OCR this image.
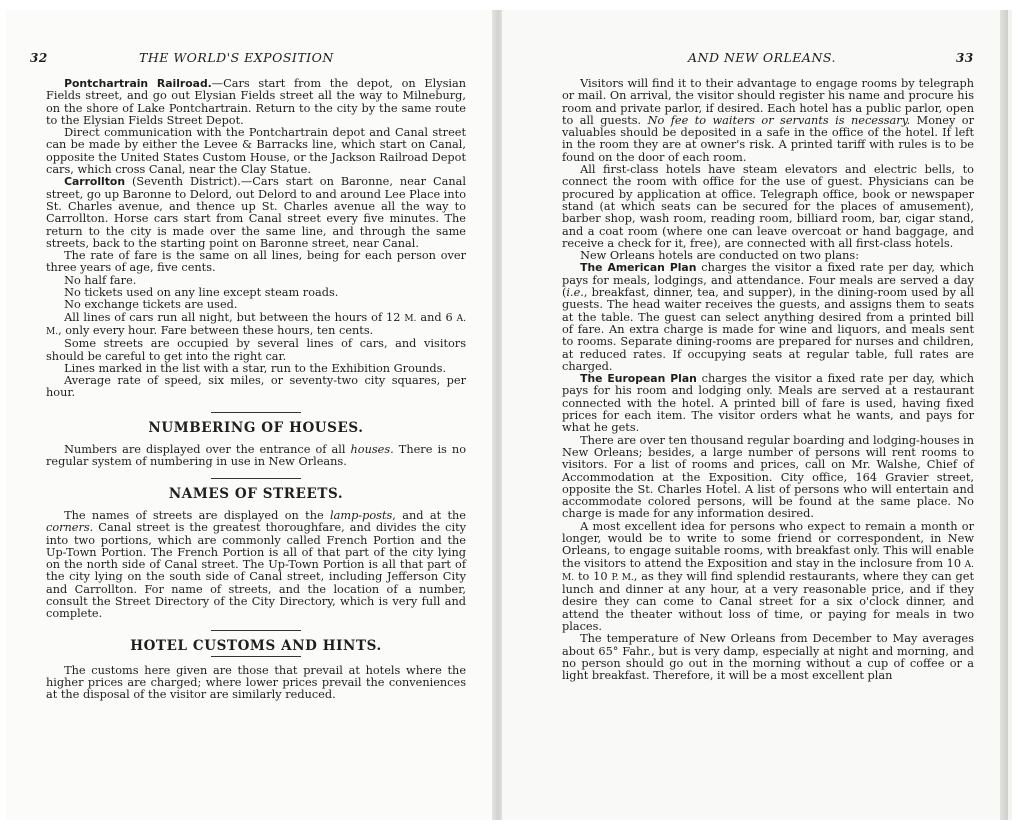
32	THE WORLD'S EXPOSITION

Pontchartrain Railroad.—Cars start from the depot, on Elysian Fields street, and go out Elysian Fields street all the way to Milneburg, on the shore of Lake Pontchartrain. Return to the city by the same route to the Elysian Fields Street Depot.

Direct communication with the Pontchartrain depot and Canal street can be made by either the Levee & Barracks line, which start on Canal, opposite the United States Custom House, or the Jackson Railroad Depot cars, which cross Canal, near the Clay Statue.

Carrollton (Seventh District).—Cars start on Baronne, near Canal street, go up Baronne to Delord, out Delord to and around Lee Place into St. Charles avenue, and thence up St. Charles avenue all the way to Carrollton. Horse cars start from Canal street every five minutes. The return to the city is made over the same line, and through the same streets, back to the starting point on Baronne street, near Canal.

The rate of fare is the same on all lines, being for each person over three years of age, five cents.

No half fare.

No tickets used on any line except steam roads.

No exchange tickets are used.

All lines of cars run all night, but between the hours of 12 M. and 6 A. M., only every hour. Fare between these hours, ten cents.

Some streets are occupied by several lines of cars, and visitors should be careful to get into the right car.

Lines marked in the list with a star, run to the Exhibition Grounds.

Average rate of speed, six miles, or seventy-two city squares, per hour.

NUMBERING OF HOUSES.

Numbers are displayed over the entrance of all houses. There is no regular system of numbering in use in New Orleans.

NAMES OF STREETS.

The names of streets are displayed on the lamp-posts, and at the corners. Canal street is the greatest thoroughfare, and divides the city into two portions, which are commonly called French Portion and the Up-Town Portion. The French Portion is all of that part of the city lying on the north side of Canal street. The Up-Town Portion is all that part of the city lying on the south side of Canal street, including Jefferson City and Carrollton. For name of streets, and the location of a number, consult the Street Directory of the City Directory, which is very full and complete.

HOTEL CUSTOMS AND HINTS.

The customs here given are those that prevail at hotels where the higher prices are charged; where lower prices prevail the conveniences at the disposal of the visitor are similarly reduced.

AND NEW ORLEANS.	33

Visitors will find it to their advantage to engage rooms by telegraph or mail. On arrival, the visitor should register his name and procure his room and private parlor, if desired. Each hotel has a public parlor, open to all guests. No fee to waiters or servants is necessary. Money or valuables should be deposited in a safe in the office of the hotel. If left in the room they are at owner's risk. A printed tariff with rules is to be found on the door of each room.

All first-class hotels have steam elevators and electric bells, to connect the room with office for the use of guest. Physicians can be procured by application at office. Telegraph office, book or newspaper stand (at which seats can be secured for the places of amusement), barber shop, wash room, reading room, billiard room, bar, cigar stand, and a coat room (where one can leave overcoat or hand baggage, and receive a check for it, free), are connected with all first-class hotels.

New Orleans hotels are conducted on two plans:

The American Plan charges the visitor a fixed rate per day, which pays for meals, lodgings, and attendance. Four meals are served a day (i.e., breakfast, dinner, tea, and supper), in the dining-room used by all guests. The head waiter receives the guests, and assigns them to seats at the table. The guest can select anything desired from a printed bill of fare. An extra charge is made for wine and liquors, and meals sent to rooms. Separate dining-rooms are prepared for nurses and children, at reduced rates. If occupying seats at regular table, full rates are charged.

The European Plan charges the visitor a fixed rate per day, which pays for his room and lodging only. Meals are served at a restaurant connected with the hotel. A printed bill of fare is used, having fixed prices for each item. The visitor orders what he wants, and pays for what he gets.

There are over ten thousand regular boarding and lodging-houses in New Orleans; besides, a large number of persons will rent rooms to visitors. For a list of rooms and prices, call on Mr. Walshe, Chief of Accommodation at the Exposition. City office, 164 Gravier street, opposite the St. Charles Hotel. A list of persons who will entertain and accommodate colored persons, will be found at the same place. No charge is made for any information desired.

A most excellent idea for persons who expect to remain a month or longer, would be to write to some friend or correspondent, in New Orleans, to engage suitable rooms, with breakfast only. This will enable the visitors to attend the Exposition and stay in the inclosure from 10 A. M. to 10 P. M., as they will find splendid restaurants, where they can get lunch and dinner at any hour, at a very reasonable price, and if they desire they can come to Canal street for a six o'clock dinner, and attend the theater without loss of time, or paying for meals in two places.

The temperature of New Orleans from December to May averages about 65° Fahr., but is very damp, especially at night and morning, and no person should go out in the morning without a cup of coffee or a light breakfast. Therefore, it will be a most excellent plan
